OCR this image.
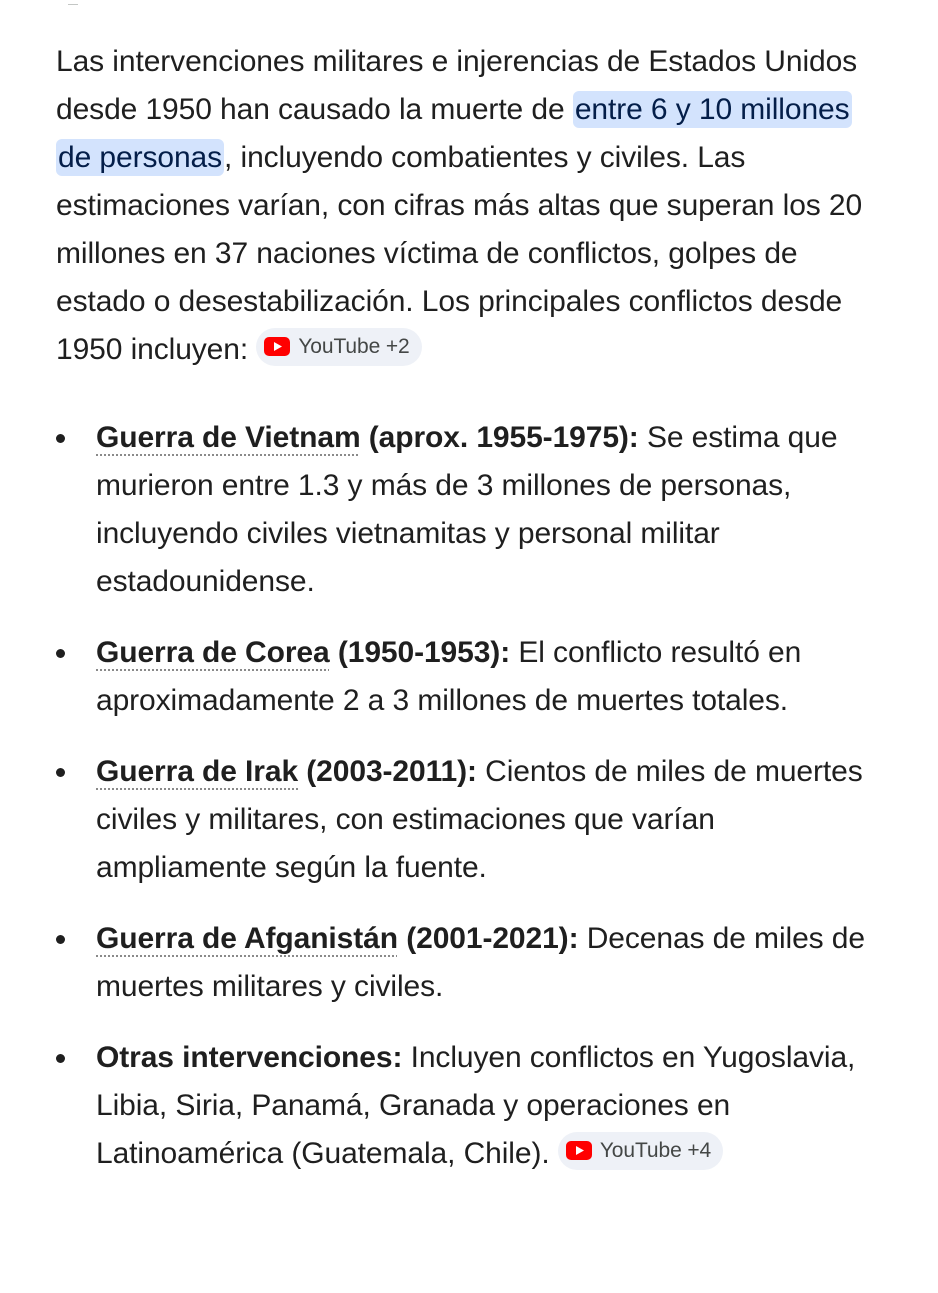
Las intervenciones militares e injerencias de Estados Unidos desde 1950 han causado la muerte de entre 6 y 10 millones de personas, incluyendo combatientes y civiles. Las estimaciones varían, con cifras más altas que superan los 20 millones en 37 naciones víctima de conflictos, golpes de estado o desestabilización. Los principales conflictos desde 1950 incluyen: YouTube +2

Guerra de Vietnam (aprox. 1955-1975): Se estima que murieron entre 1.3 y más de 3 millones de personas, incluyendo civiles vietnamitas y personal militar estadounidense.
Guerra de Corea (1950-1953): El conflicto resultó en aproximadamente 2 a 3 millones de muertes totales.
Guerra de Irak (2003-2011): Cientos de miles de muertes civiles y militares, con estimaciones que varían ampliamente según la fuente.
Guerra de Afganistán (2001-2021): Decenas de miles de muertes militares y civiles.
Otras intervenciones: Incluyen conflictos en Yugoslavia, Libia, Siria, Panamá, Granada y operaciones en Latinoamérica (Guatemala, Chile). YouTube +4
